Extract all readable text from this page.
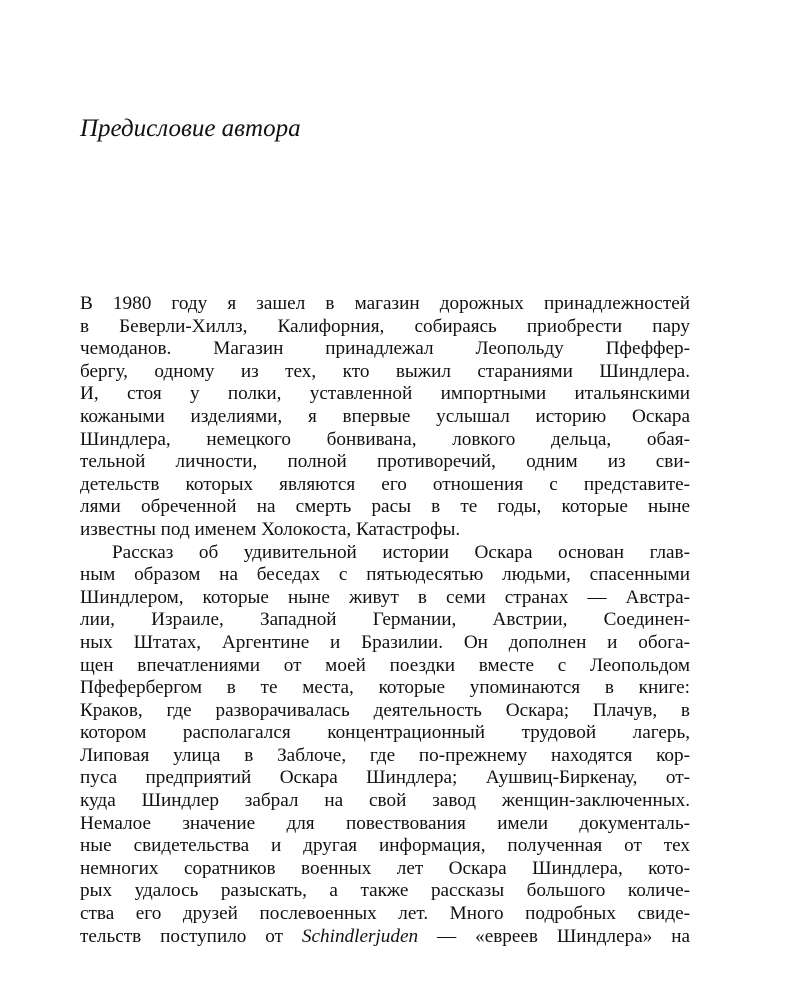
Предисловие автора
В 1980 году я зашел в магазин дорожных принадлежностей
в Беверли-Хиллз, Калифорния, собираясь приобрести пару
чемоданов. Магазин принадлежал Леопольду Пфеффер-
бергу, одному из тех, кто выжил стараниями Шиндлера.
И, стоя у полки, уставленной импортными итальянскими
кожаными изделиями, я впервые услышал историю Оскара
Шиндлера, немецкого бонвивана, ловкого дельца, обая-
тельной личности, полной противоречий, одним из сви-
детельств которых являются его отношения с представите-
лями обреченной на смерть расы в те годы, которые ныне
известны под именем Холокоста, Катастрофы.
Рассказ об удивительной истории Оскара основан глав-
ным образом на беседах с пятьюдесятью людьми, спасенными
Шиндлером, которые ныне живут в семи странах — Австра-
лии, Израиле, Западной Германии, Австрии, Соединен-
ных Штатах, Аргентине и Бразилии. Он дополнен и обога-
щен впечатлениями от моей поездки вместе с Леопольдом
Пфефербергом в те места, которые упоминаются в книге:
Краков, где разворачивалась деятельность Оскара; Плачув, в
котором располагался концентрационный трудовой лагерь,
Липовая улица в Заблоче, где по-прежнему находятся кор-
пуса предприятий Оскара Шиндлера; Аушвиц-Биркенау, от-
куда Шиндлер забрал на свой завод женщин-заключенных.
Немалое значение для повествования имели документаль-
ные свидетельства и другая информация, полученная от тех
немногих соратников военных лет Оскара Шиндлера, кото-
рых удалось разыскать, а также рассказы большого количе-
ства его друзей послевоенных лет. Много подробных свиде-
тельств поступило от Schindlerjuden — «евреев Шиндлера» на
